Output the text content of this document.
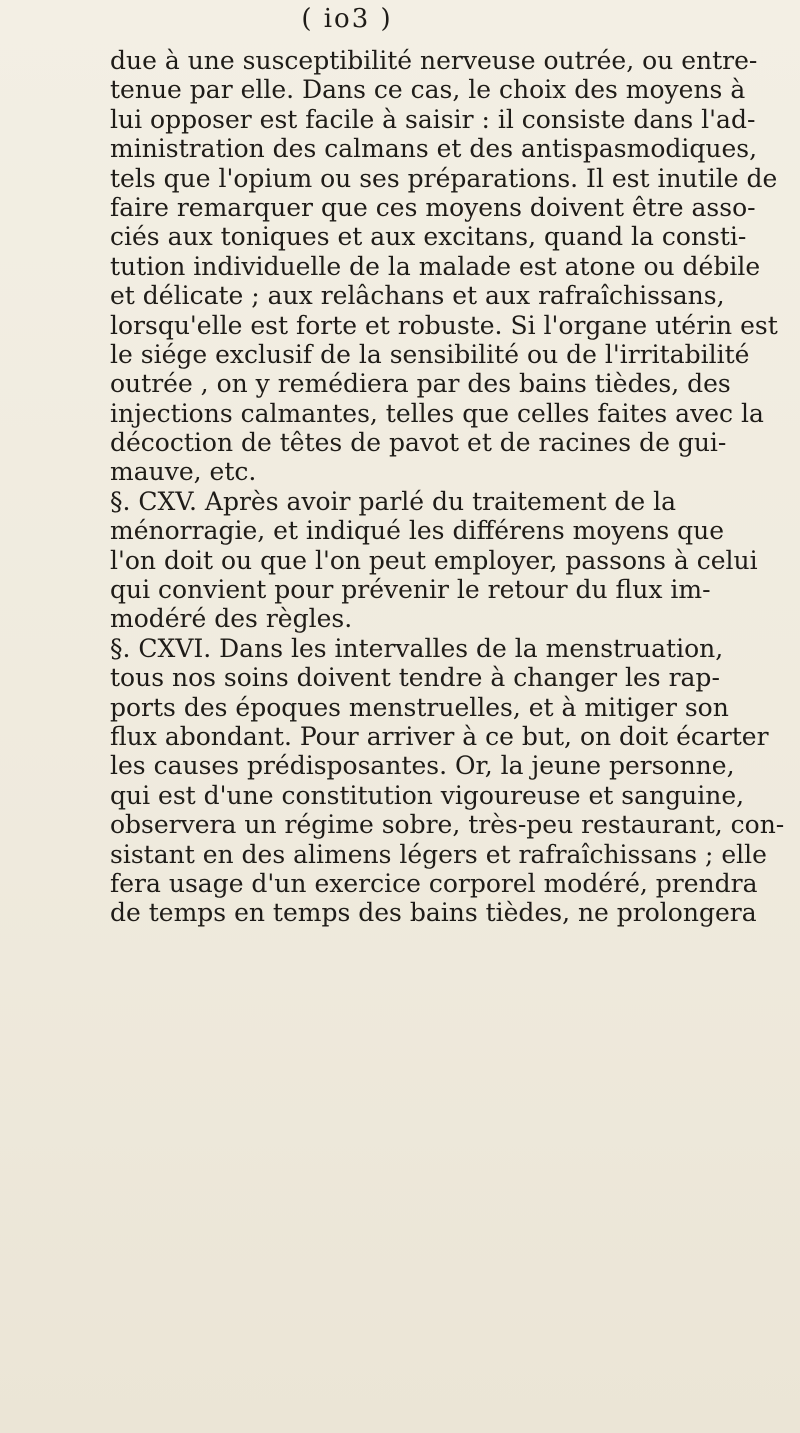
( io3 )
due à une susceptibilité nerveuse outrée, ou entre-
tenue par elle. Dans ce cas, le choix des moyens à
lui opposer est facile à saisir : il consiste dans l'ad-
ministration des calmans et des antispasmodiques,
tels que l'opium ou ses préparations. Il est inutile de
faire remarquer que ces moyens doivent être asso-
ciés aux toniques et aux excitans, quand la consti-
tution individuelle de la malade est atone ou débile
et délicate ; aux relâchans et aux rafraîchissans,
lorsqu'elle est forte et robuste. Si l'organe utérin est
le siége exclusif de la sensibilité ou de l'irritabilité
outrée , on y remédiera par des bains tièdes, des
injections calmantes, telles que celles faites avec la
décoction de têtes de pavot et de racines de gui-
mauve, etc.
§. CXV. Après avoir parlé du traitement de la
ménorragie, et indiqué les différens moyens que
l'on doit ou que l'on peut employer, passons à celui
qui convient pour prévenir le retour du flux im-
modéré des règles.
§. CXVI. Dans les intervalles de la menstruation,
tous nos soins doivent tendre à changer les rap-
ports des époques menstruelles, et à mitiger son
flux abondant. Pour arriver à ce but, on doit écarter
les causes prédisposantes. Or, la jeune personne,
qui est d'une constitution vigoureuse et sanguine,
observera un régime sobre, très-peu restaurant, con-
sistant en des alimens légers et rafraîchissans ; elle
fera usage d'un exercice corporel modéré, prendra
de temps en temps des bains tièdes, ne prolongera
